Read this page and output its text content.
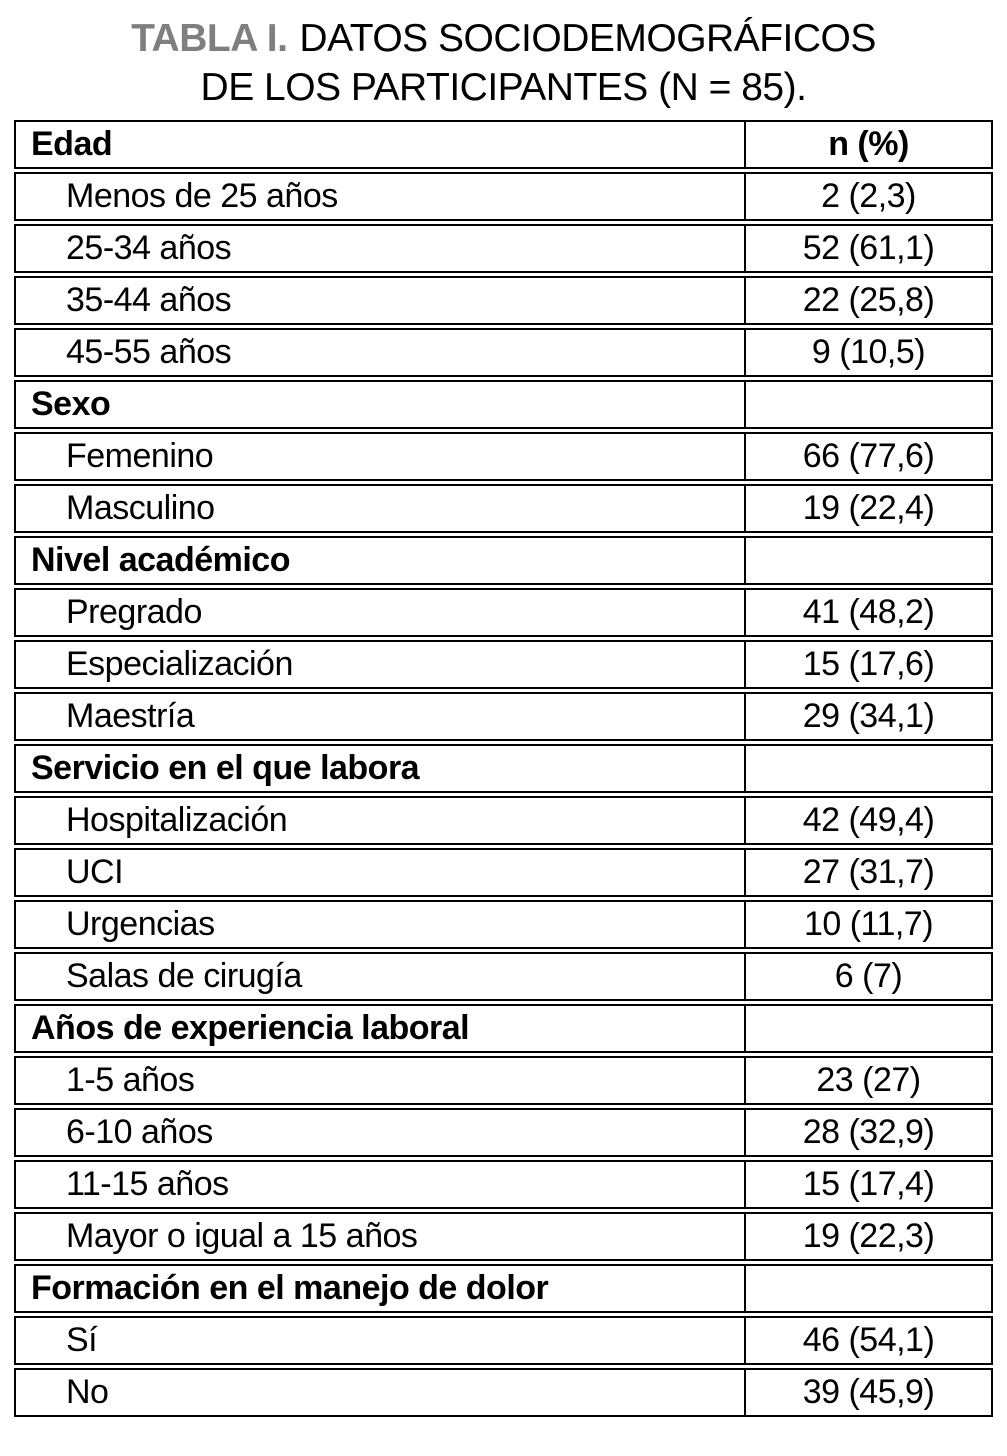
TABLA I. DATOS SOCIODEMOGRÁFICOS
DE LOS PARTICIPANTES (N = 85).
Edad	n (%)
Menos de 25 años	2 (2,3)
25-34 años	52 (61,1)
35-44 años	22 (25,8)
45-55 años	9 (10,5)
Sexo
Femenino	66 (77,6)
Masculino	19 (22,4)
Nivel académico
Pregrado	41 (48,2)
Especialización	15 (17,6)
Maestría	29 (34,1)
Servicio en el que labora
Hospitalización	42 (49,4)
UCI	27 (31,7)
Urgencias	10 (11,7)
Salas de cirugía	6 (7)
Años de experiencia laboral
1-5 años	23 (27)
6-10 años	28 (32,9)
11-15 años	15 (17,4)
Mayor o igual a 15 años	19 (22,3)
Formación en el manejo de dolor
Sí	46 (54,1)
No	39 (45,9)
